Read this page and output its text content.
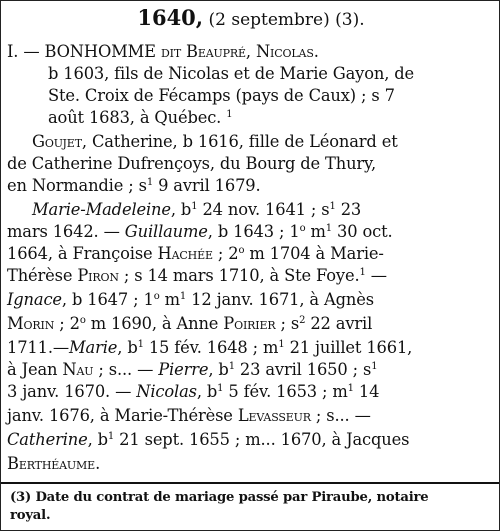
1640, (2 septembre) (3).
I. — BONHOMME dit Beaupré, Nicolas.
b 1603, fils de Nicolas et de Marie Gayon, de
Ste. Croix de Fécamps (pays de Caux) ; s 7
août 1683, à Québec. $^1$
Goujet, Catherine, b 1616, fille de Léonard et
de Catherine Dufrençoys, du Bourg de Thury,
en Normandie ; $s^1$ 9 avril 1679.
Marie-Madeleine, $b^1$ 24 nov. 1641 ; $s^1$ 23
mars 1642. — Guillaume, b 1643 ; 1$^o$ $m^1$ 30 oct.
1664, à Françoise Hachée ; 2$^o$ m 1704 à Marie-
Thérèse Piron ; s 14 mars 1710, à Ste Foye.$^1$ —
Ignace, b 1647 ; 1$^o$ $m^1$ 12 janv. 1671, à Agnès
Morin ; 2$^o$ m 1690, à Anne Poirier ; $s^2$ 22 avril
1711.—Marie, $b^1$ 15 fév. 1648 ; $m^1$ 21 juillet 1661,
à Jean Nau ; s... — Pierre, $b^1$ 23 avril 1650 ; $s^1$
3 janv. 1670. — Nicolas, $b^1$ 5 fév. 1653 ; $m^1$ 14
janv. 1676, à Marie-Thérèse Levasseur ; s... —
Catherine, $b^1$ 21 sept. 1655 ; m... 1670, à Jacques
Berthéaume.
(3) Date du contrat de mariage passé par Piraube, notaire
royal.
